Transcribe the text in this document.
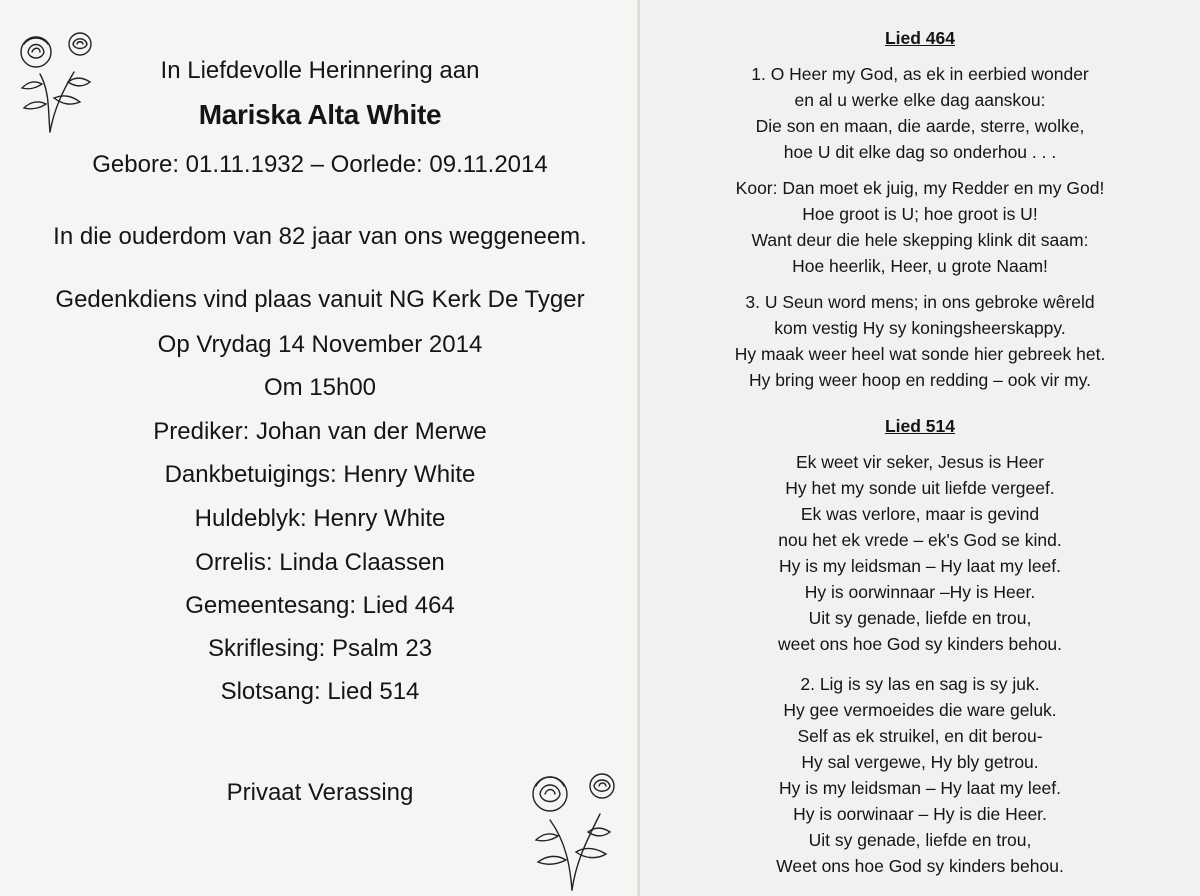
In Liefdevolle Herinnering aan
Mariska Alta White
Gebore: 01.11.1932 – Oorlede: 09.11.2014
In die ouderdom van 82 jaar van ons weggeneem.
Gedenkdiens vind plaas vanuit NG Kerk De Tyger
Op Vrydag 14 November 2014
Om 15h00
Prediker: Johan van der Merwe
Dankbetuigings: Henry White
Huldeblyk: Henry White
Orrelis: Linda Claassen
Gemeentesang: Lied 464
Skriflesing: Psalm 23
Slotsang: Lied 514
Privaat Verassing
Lied 464
1. O Heer my God, as ek in eerbied wonder
en al u werke elke dag aanskou:
Die son en maan, die aarde, sterre, wolke,
hoe U dit elke dag so onderhou . . .
Koor: Dan moet ek juig, my Redder en my God!
Hoe groot is U; hoe groot is U!
Want deur die hele skepping klink dit saam:
Hoe heerlik, Heer, u grote Naam!
3. U Seun word mens; in ons gebroke wêreld
kom vestig Hy sy koningsheerskappy.
Hy maak weer heel wat sonde hier gebreek het.
Hy bring weer hoop en redding – ook vir my.
Lied 514
Ek weet vir seker, Jesus is Heer
Hy het my sonde uit liefde vergeef.
Ek was verlore, maar is gevind
nou het ek vrede – ek's God se kind.
Hy is my leidsman – Hy laat my leef.
Hy is oorwinnaar –Hy is Heer.
Uit sy genade, liefde en trou,
weet ons hoe God sy kinders behou.
2. Lig is sy las en sag is sy juk.
Hy gee vermoeides die ware geluk.
Self as ek struikel, en dit berou-
Hy sal vergewe, Hy bly getrou.
Hy is my leidsman – Hy laat my leef.
Hy is oorwinaar – Hy is die Heer.
Uit sy genade, liefde en trou,
Weet ons hoe God sy kinders behou.
